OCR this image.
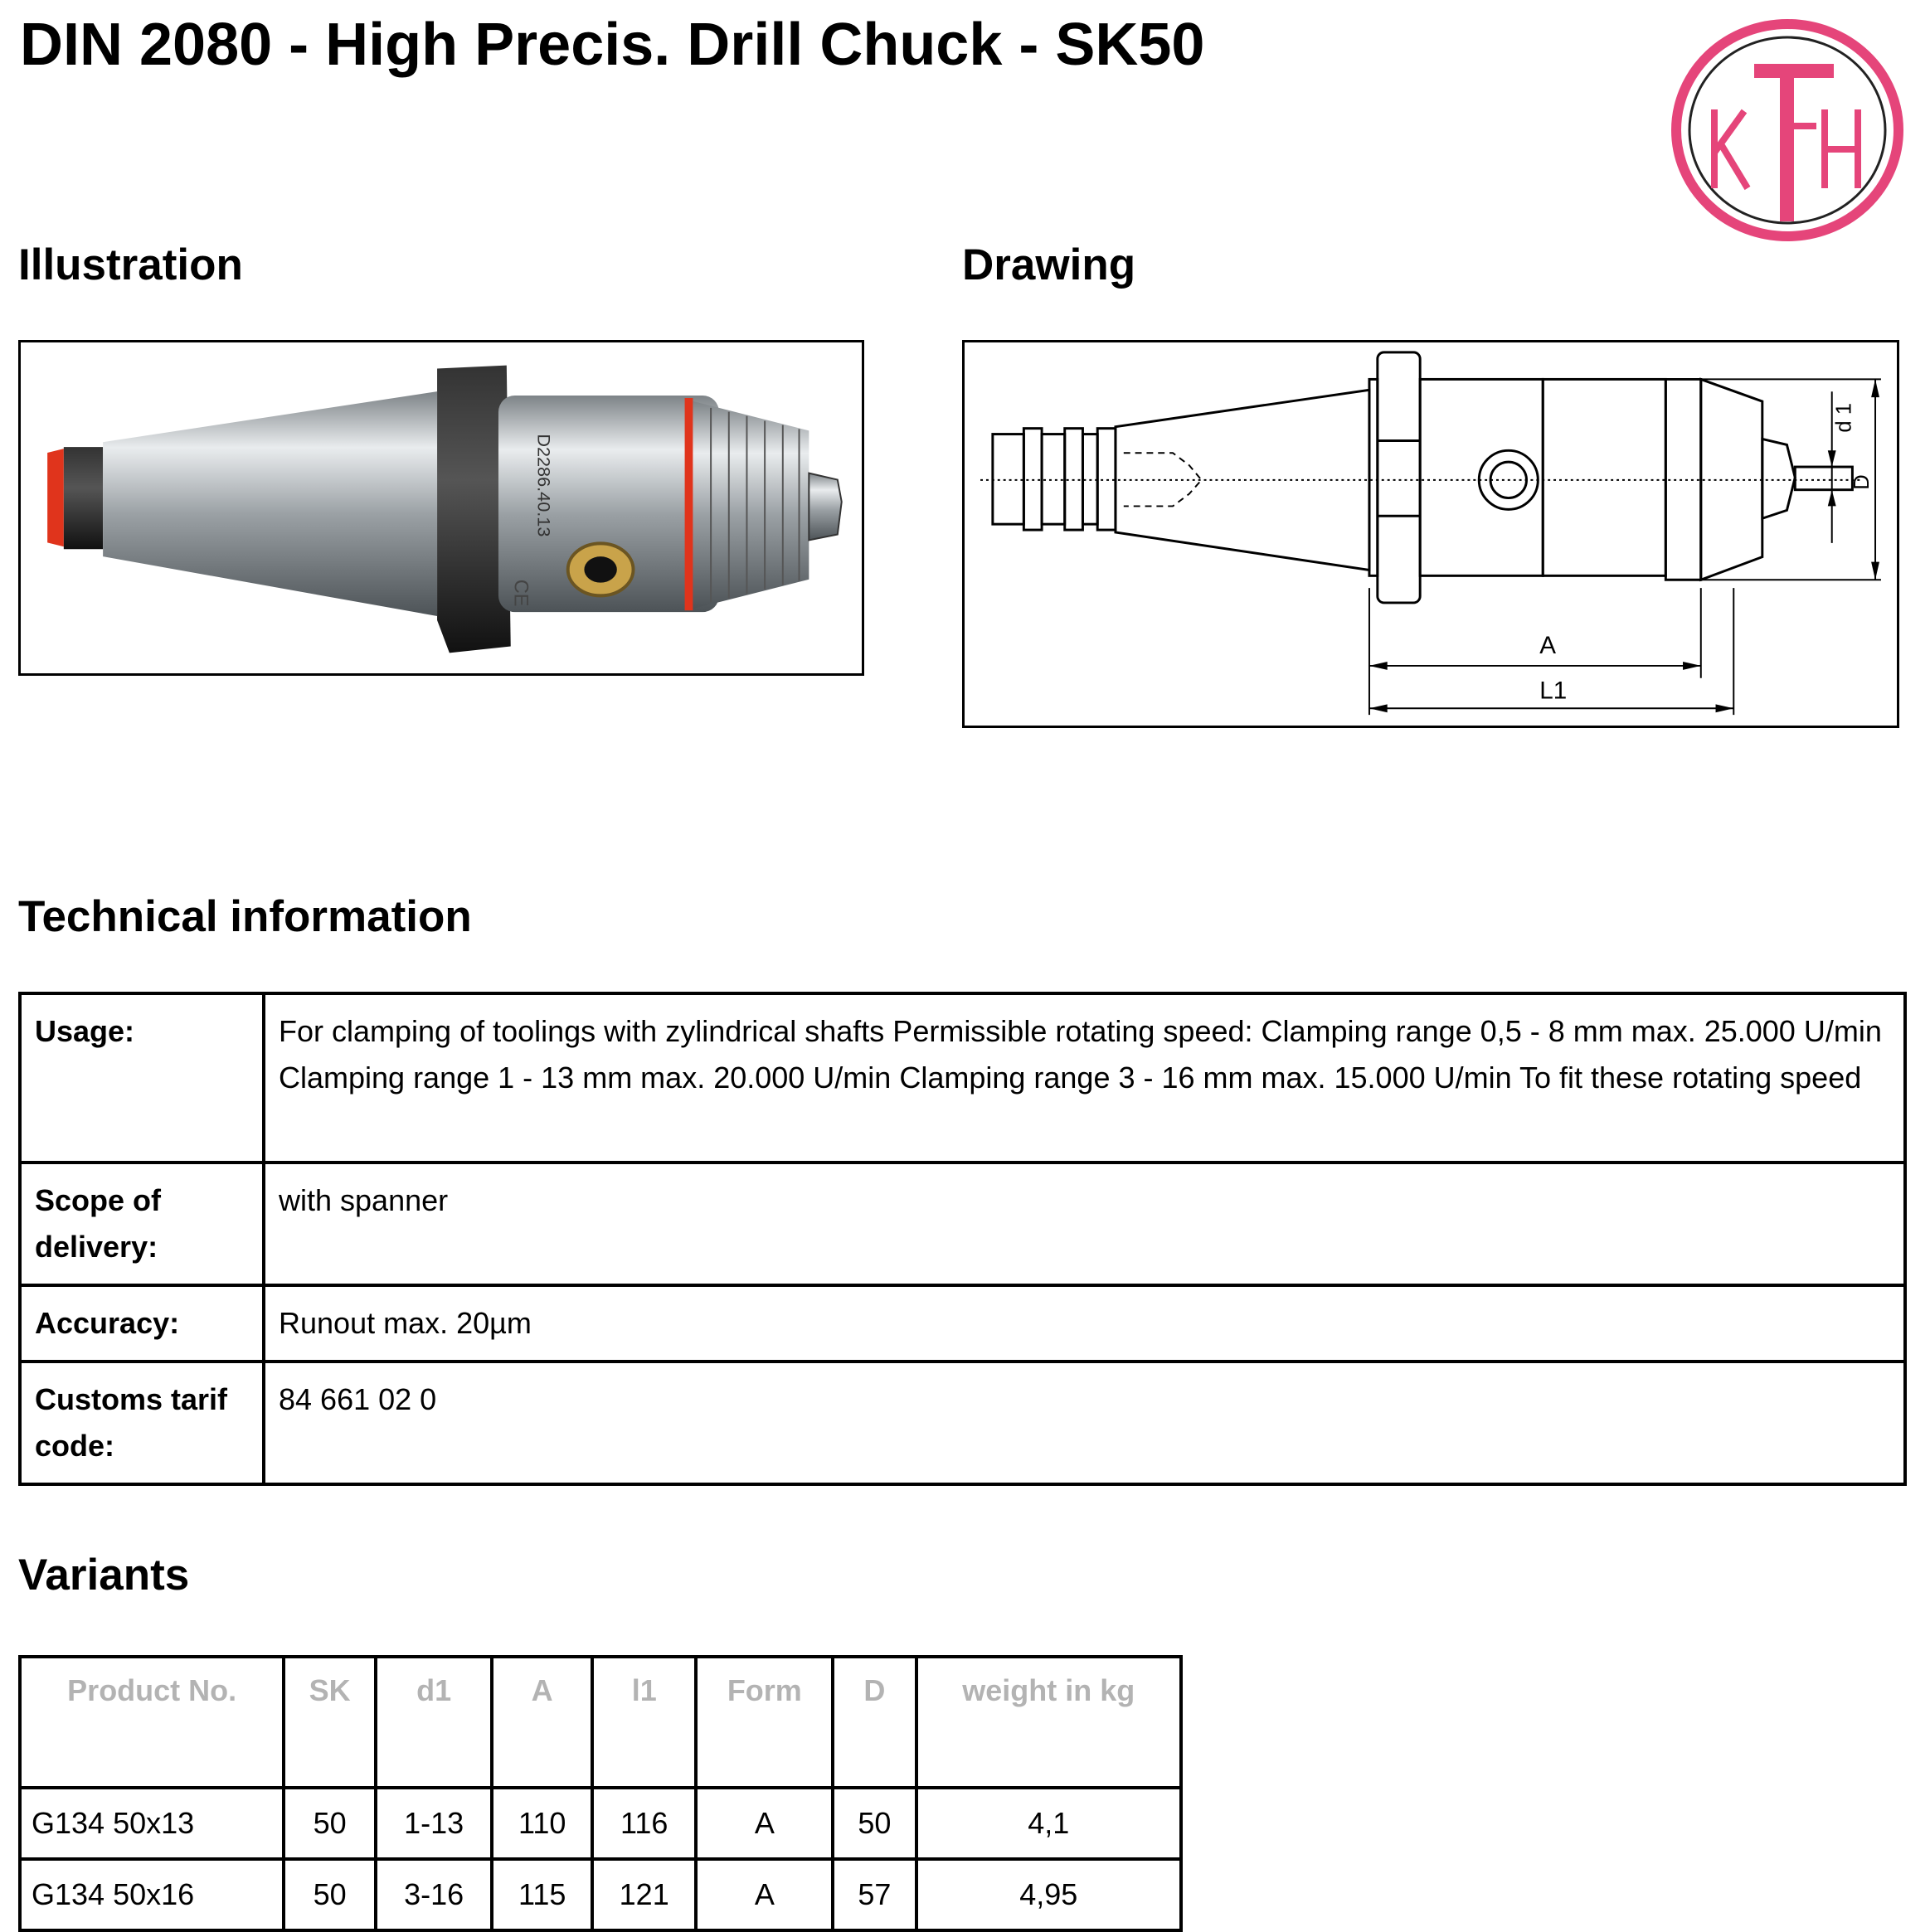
DIN 2080 - High Precis. Drill Chuck - SK50
Illustration	Drawing
D2286.40.13
CE
A
L1
d 1
D
Technical information
Usage:	For clamping of toolings with zylindrical shafts Permissible rotating speed: Clamping range 0,5 - 8 mm max. 25.000 U/min Clamping range 1 - 13 mm max. 20.000 U/min Clamping range 3 - 16 mm max. 15.000 U/min To fit these rotating speed
Scope of delivery:	with spanner
Accuracy:	Runout max. 20µm
Customs tarif code:	84 661 02 0
Variants
Product No.	SK	d1	A	l1	Form	D	weight in kg
G134 50x13	50	1-13	110	116	A	50	4,1
G134 50x16	50	3-16	115	121	A	57	4,95
